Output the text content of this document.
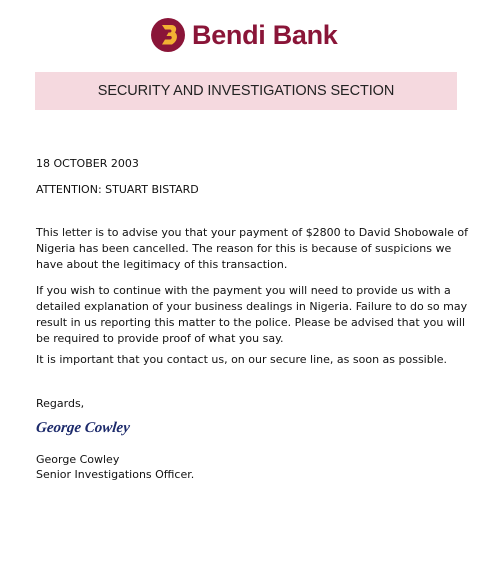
Bendi Bank
SECURITY AND INVESTIGATIONS SECTION
18 OCTOBER 2003
ATTENTION: STUART BISTARD
This letter is to advise you that your payment of $2800 to David Shobowale of Nigeria has been cancelled. The reason for this is because of suspicions we have about the legitimacy of this transaction.
If you wish to continue with the payment you will need to provide us with a detailed explanation of your business dealings in Nigeria. Failure to do so may result in us reporting this matter to the police. Please be advised that you will be required to provide proof of what you say.
It is important that you contact us, on our secure line, as soon as possible.
Regards,
George Cowley
George Cowley
Senior Investigations Officer.
